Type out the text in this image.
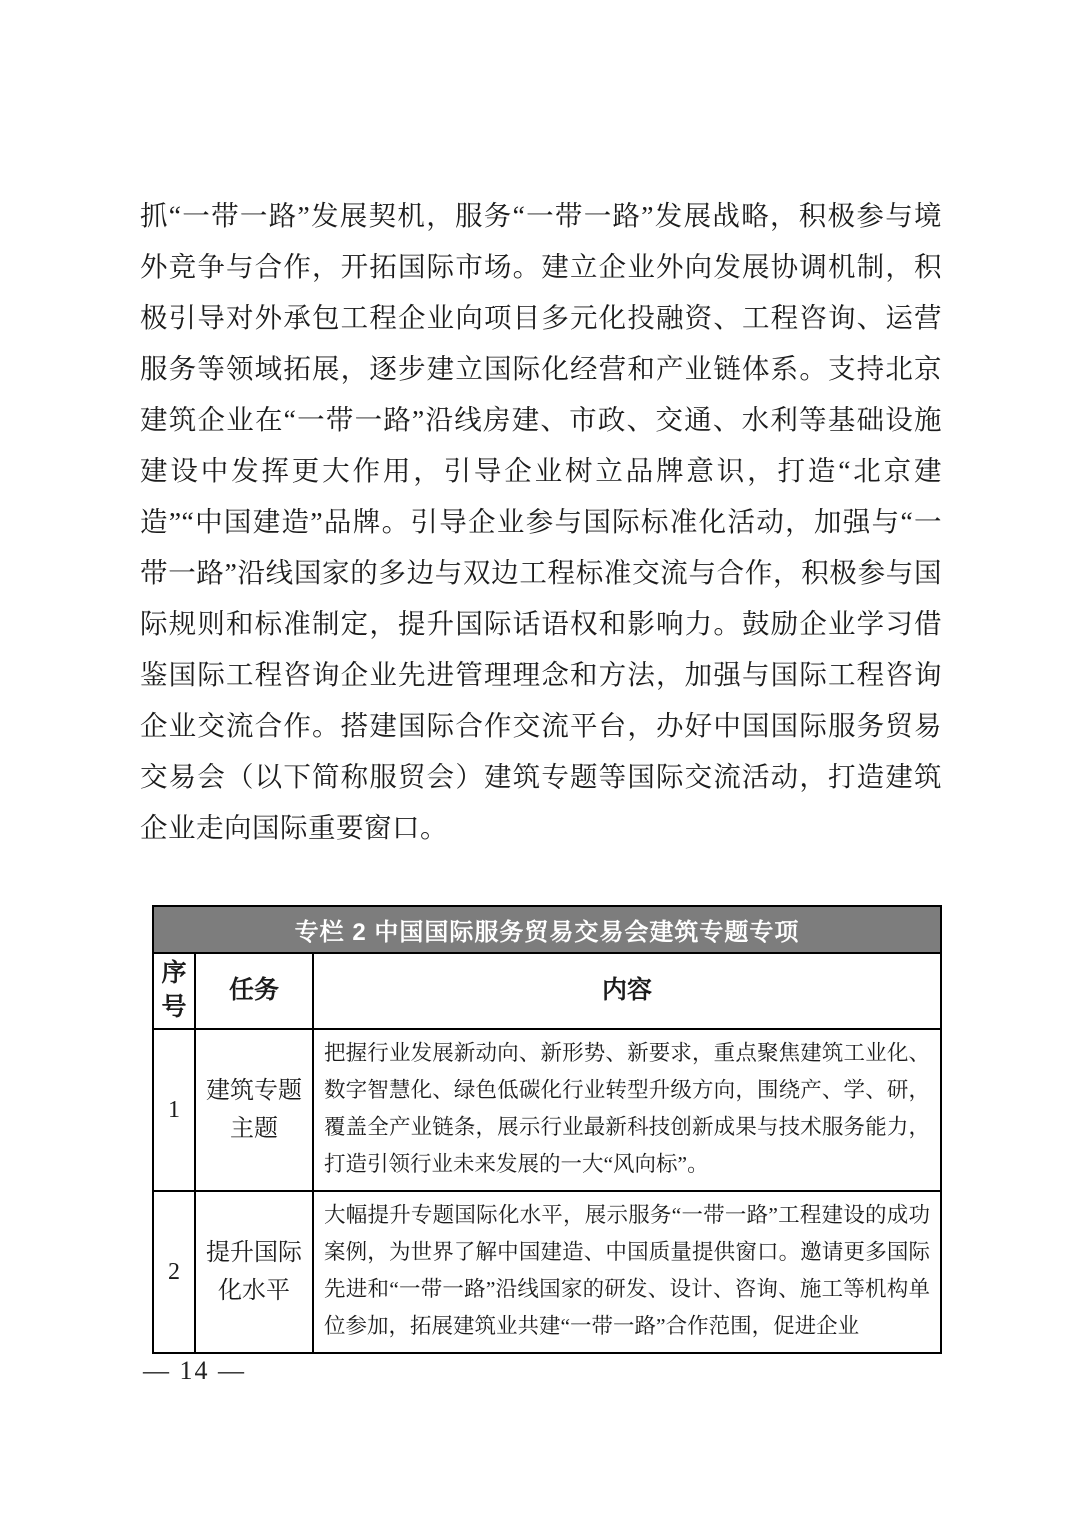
抓“一带一路”发展契机，服务“一带一路”发展战略，积极参与境外竞争与合作，开拓国际市场。建立企业外向发展协调机制，积极引导对外承包工程企业向项目多元化投融资、工程咨询、运营服务等领域拓展，逐步建立国际化经营和产业链体系。支持北京建筑企业在“一带一路”沿线房建、市政、交通、水利等基础设施建设中发挥更大作用，引导企业树立品牌意识，打造“北京建造”“中国建造”品牌。引导企业参与国际标准化活动，加强与“一带一路”沿线国家的多边与双边工程标准交流与合作，积极参与国际规则和标准制定，提升国际话语权和影响力。鼓励企业学习借鉴国际工程咨询企业先进管理理念和方法，加强与国际工程咨询企业交流合作。搭建国际合作交流平台，办好中国国际服务贸易交易会（以下简称服贸会）建筑专题等国际交流活动，打造建筑企业走向国际重要窗口。
专栏 2 中国国际服务贸易交易会建筑专题专项		
序号	任务	内容
1	建筑专题主题	把握行业发展新动向、新形势、新要求，重点聚焦建筑工业化、数字智慧化、绿色低碳化行业转型升级方向，围绕产、学、研，覆盖全产业链条，展示行业最新科技创新成果与技术服务能力，打造引领行业未来发展的一大“风向标”。
2	提升国际化水平	大幅提升专题国际化水平，展示服务“一带一路”工程建设的成功案例，为世界了解中国建造、中国质量提供窗口。邀请更多国际先进和“一带一路”沿线国家的研发、设计、咨询、施工等机构单位参加，拓展建筑业共建“一带一路”合作范围，促进企业
— 14 —
